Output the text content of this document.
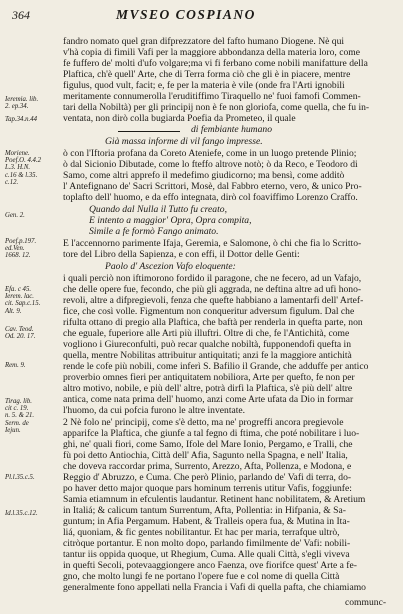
364	MVSEO COSPIANO
Ieremia. lib.
2. ep.34.
Tap.34.n.44
Moriene.
Poef.O. 4.4.2
L.3. H.N.
c.16 & l.35.
c.12.
Gen. 2.
Poef.p.197.
ed.Ven.
1668. 12.
Efa. c 45.
Ierem. lac.
cit. Sap.c.15.
Alt. 9.
Cav. Teod.
Od. 20. 17.
Rem. 9.
Tirag. lib.
cit c. 19.
n. 5. & 21.
Serm. de
Iejun.
Pl.l.35.c.5.
Id.l.35.c.12.
fandro nomato quel gran difprezzatore del fafto humano Diogene. Nè qui
v'hà copia di fimili Vafi per la maggiore abbondanza della materia loro, come
fe fuffero de' molti d'ufo volgare;ma vi fi ferbano come nobili manifatture della
Plaftica, ch'è quell' Arte, che di Terra forma ciò che gli è in piacere, mentre
figulus, quod vult, facit; e, fe per la materia è vile (onde fra l'Arti ignobili
meritamente connumerolla l'eruditiffimo Tiraquello ne' fuoi famofi Commen-
tari della Nobiltà) per gli principij non è fe non gloriofa, come quella, che fu in-
ventata, non dirò colla bugiarda Poefia da Prometeo, il quale
di fembiante humano
Già massa informe di vil fango impresse.
ò con l'Iftoria profana da Coreto Ateniefe, come in un luogo pretende Plinio;
ò dal Sicionio Dibutade, come lo fteffo altrove notò; ò da Reco, e Teodoro di
Samo, come altri apprefo il medefimo giudicorno; ma bensì, come additò
l' Antefignano de' Sacri Scrittori, Mosè, dal Fabbro eterno, vero, & unico Pro-
toplafto dell' huomo, e da effo integnata, dirò col foaviffimo Lorenzo Craffo.
Quando dal Nulla il Tutto fu creato,
E intento a maggior' Opra, Opra compita,
Simile a fe formò Fango animato.
E l'accennorno parimente Ifaja, Geremia, e Salomone, ò chi che fia lo Scritto-
tore del Libro della Sapienza, e con effi, il Dottor delle Genti:
Paolo d' Ascezion Vafo eloquente:
i quali perciò non iftimorono fordido il paragone, che ne fecero, ad un Vafajo,
che delle opere fue, fecondo, che più gli aggrada, ne deftina altre ad ufi hono-
revoli, altre a difpregievoli, fenza che quefte habbiano a lamentarfi dell' Artef-
fice, che così volle. Figmentum non conqueritur adversum figulum. Dal che
rifulta ottano di pregio alla Plaftica, che baftà per renderla in quefta parte, non
che eguale, fuperiore alle Arti più illuftri. Oltre di che, fe l'Antichità, come
vogliono i Giureconfulti, può recar qualche nobiltà, fupponendofi quefta in
quella, mentre Nobilitas attribuitur antiquitati; anzi fe la maggiore antichità
rende le cofe più nobili, come inferì S. Bafilio il Grande, che adduffe per antico
proverbio omnes fieri per antiquitatem nobiliora, Arte per quefto, fe non per
altro motivo, nobile, e più dell' altre, potrà dirfi la Plaftica, s'è più dell' altre
antica, come nata prima dell' huomo, anzi come Arte ufata da Dio in formar
l'huomo, da cui pofcia furono le altre inventate.
2 Nè folo ne' principij, come s'è detto, ma ne' progreffi ancora pregievole
apparifce la Plaftica, che giunfe a tal fegno di ftima, che poté nobilitare i luo-
ghi, ne' quali fiori, come Samo, Ifole del Mare Ionio, Pergamo, e Tralli, che
fù poi detto Antiochia, Città dell' Afia, Sagunto nella Spagna, e nell' Italia,
che doveva raccordar prima, Surrento, Arezzo, Afta, Pollenza, e Modona, e
Reggio d' Abruzzo, e Cuma. Che però Plinio, parlando de' Vafi di terra, do-
po haver detto major quoque pars hominum terrenis utitur Vafis, foggiunfe:
Samia etiamnum in efculentis laudantur. Retinent hanc nobilitatem, & Aretium
in Italiá; & calicum tantum Surrentum, Afta, Pollentia: in Hifpania, & Sa-
guntum; in Afia Pergamum. Habent, & Tralleis opera fua, & Mutina in Ita-
liá, quoniam, & fic gentes nobilitantur. Et hac per maria, terrafque ultrò,
citròque portantur. E non molto dopo, parlando fimilmente de' Vafi: nobili-
tantur iis oppida quoque, ut Rhegium, Cuma. Alle quali Città, s'egli viveva
in quefti Secoli, potevaaggiongere anco Faenza, ove fiorifce quest' Arte a fe-
gno, che molto lungi fe ne portano l'opere fue e col nome di quella Città
generalmente fono appellati nella Francia i Vafi di quella pafta, che chiamiamo
communc-
